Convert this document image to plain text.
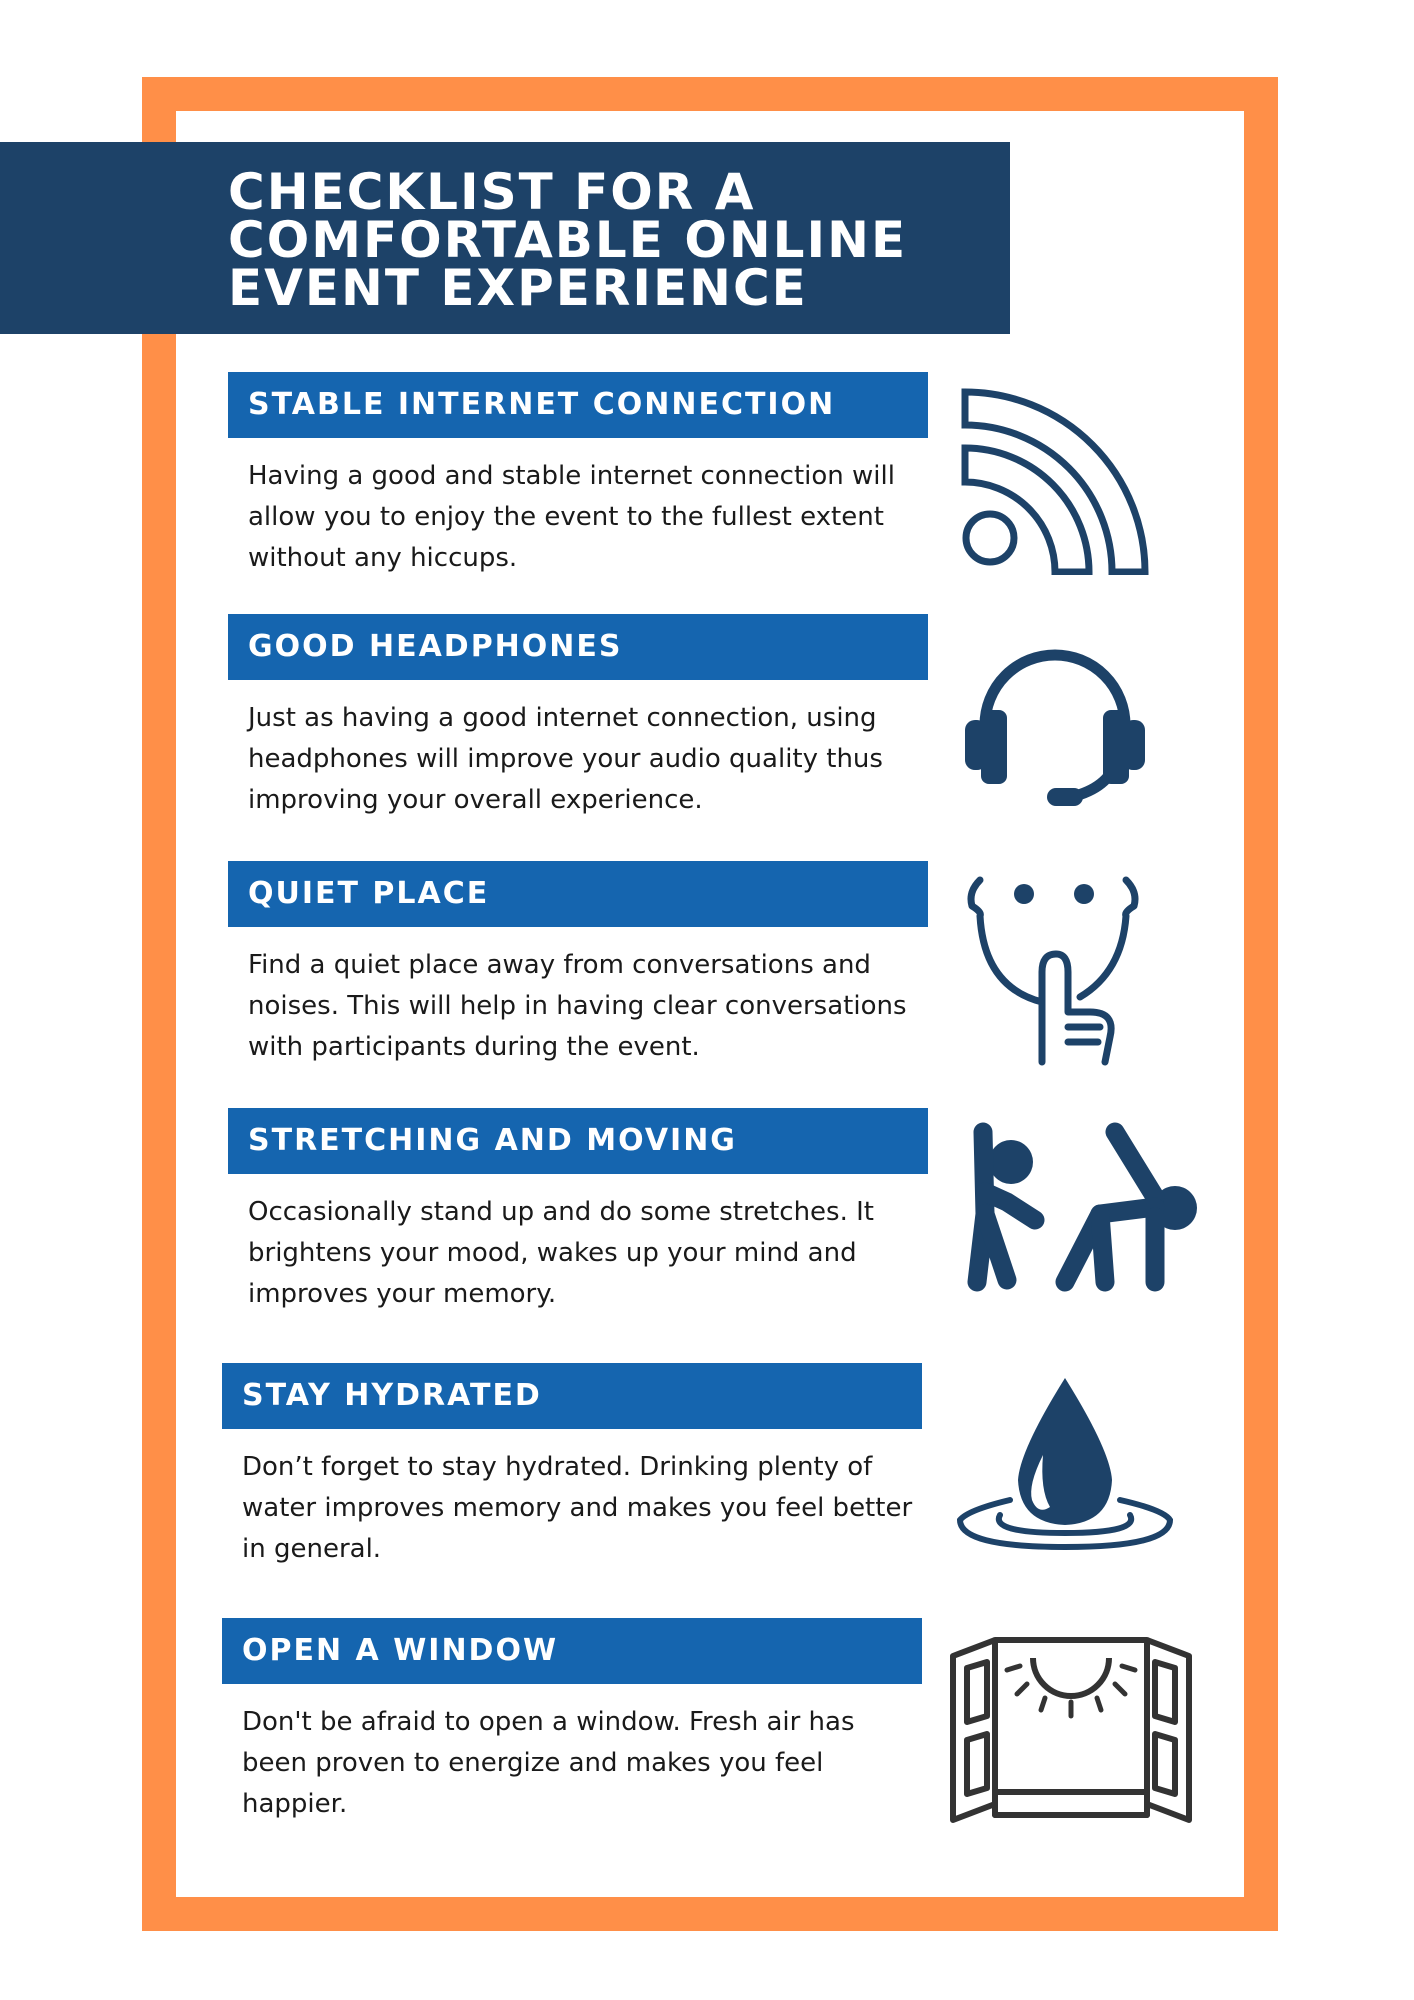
CHECKLIST FOR A COMFORTABLE ONLINE EVENT EXPERIENCE
STABLE INTERNET CONNECTION
Having a good and stable internet connection will allow you to enjoy the event to the fullest extent without any hiccups.
GOOD HEADPHONES
Just as having a good internet connection, using headphones will improve your audio quality thus improving your overall experience.
QUIET PLACE
Find a quiet place away from conversations and noises. This will help in having clear conversations with participants during the event.
STRETCHING AND MOVING
Occasionally stand up and do some stretches. It brightens your mood, wakes up your mind and improves your memory.
STAY HYDRATED
Don’t forget to stay hydrated. Drinking plenty of water improves memory and makes you feel better in general.
OPEN A WINDOW
Don't be afraid to open a window. Fresh air has been proven to energize and makes you feel happier.
